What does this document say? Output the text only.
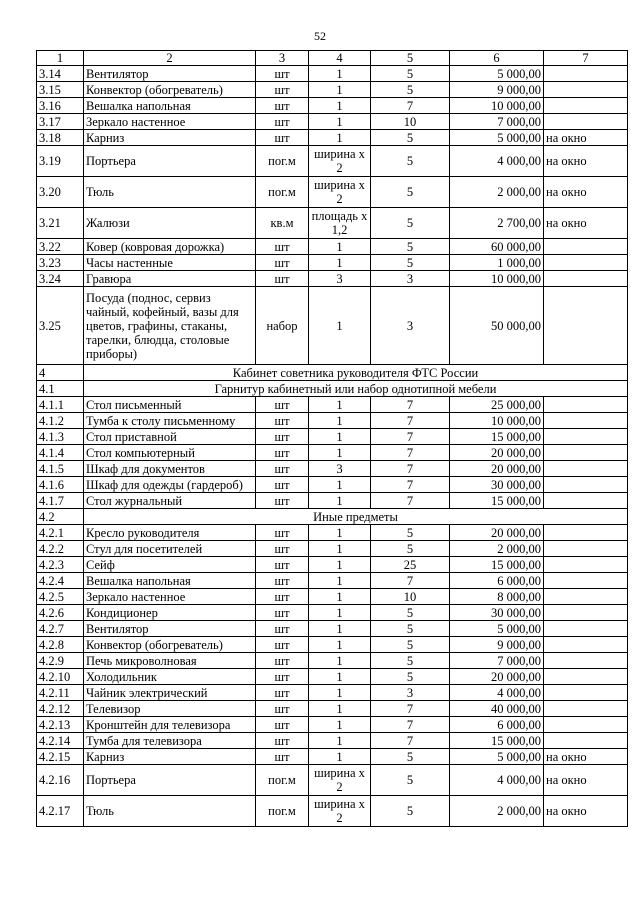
52
1	2	3	4	5	6	7
3.14	Вентилятор	шт	1	5	5 000,00	
3.15	Конвектор (обогреватель)	шт	1	5	9 000,00	
3.16	Вешалка напольная	шт	1	7	10 000,00	
3.17	Зеркало настенное	шт	1	10	7 000,00	
3.18	Карниз	шт	1	5	5 000,00	на окно
3.19	Портьера	пог.м	ширина х 2	5	4 000,00	на окно
3.20	Тюль	пог.м	ширина х 2	5	2 000,00	на окно
3.21	Жалюзи	кв.м	площадь х 1,2	5	2 700,00	на окно
3.22	Ковер (ковровая дорожка)	шт	1	5	60 000,00	
3.23	Часы настенные	шт	1	5	1 000,00	
3.24	Гравюра	шт	3	3	10 000,00	
3.25	Посуда (поднос, сервиз чайный, кофейный, вазы для цветов, графины, стаканы, тарелки, блюдца, столовые приборы)	набор	1	3	50 000,00	
4	Кабинет советника руководителя ФТС России					
4.1	Гарнитур кабинетный или набор однотипной мебели					
4.1.1	Стол письменный	шт	1	7	25 000,00	
4.1.2	Тумба к столу письменному	шт	1	7	10 000,00	
4.1.3	Стол приставной	шт	1	7	15 000,00	
4.1.4	Стол компьютерный	шт	1	7	20 000,00	
4.1.5	Шкаф для документов	шт	3	7	20 000,00	
4.1.6	Шкаф для одежды (гардероб)	шт	1	7	30 000,00	
4.1.7	Стол журнальный	шт	1	7	15 000,00	
4.2	Иные предметы					
4.2.1	Кресло руководителя	шт	1	5	20 000,00	
4.2.2	Стул для посетителей	шт	1	5	2 000,00	
4.2.3	Сейф	шт	1	25	15 000,00	
4.2.4	Вешалка напольная	шт	1	7	6 000,00	
4.2.5	Зеркало настенное	шт	1	10	8 000,00	
4.2.6	Кондиционер	шт	1	5	30 000,00	
4.2.7	Вентилятор	шт	1	5	5 000,00	
4.2.8	Конвектор (обогреватель)	шт	1	5	9 000,00	
4.2.9	Печь микроволновая	шт	1	5	7 000,00	
4.2.10	Холодильник	шт	1	5	20 000,00	
4.2.11	Чайник электрический	шт	1	3	4 000,00	
4.2.12	Телевизор	шт	1	7	40 000,00	
4.2.13	Кронштейн для телевизора	шт	1	7	6 000,00	
4.2.14	Тумба для телевизора	шт	1	7	15 000,00	
4.2.15	Карниз	шт	1	5	5 000,00	на окно
4.2.16	Портьера	пог.м	ширина х 2	5	4 000,00	на окно
4.2.17	Тюль	пог.м	ширина х 2	5	2 000,00	на окно
